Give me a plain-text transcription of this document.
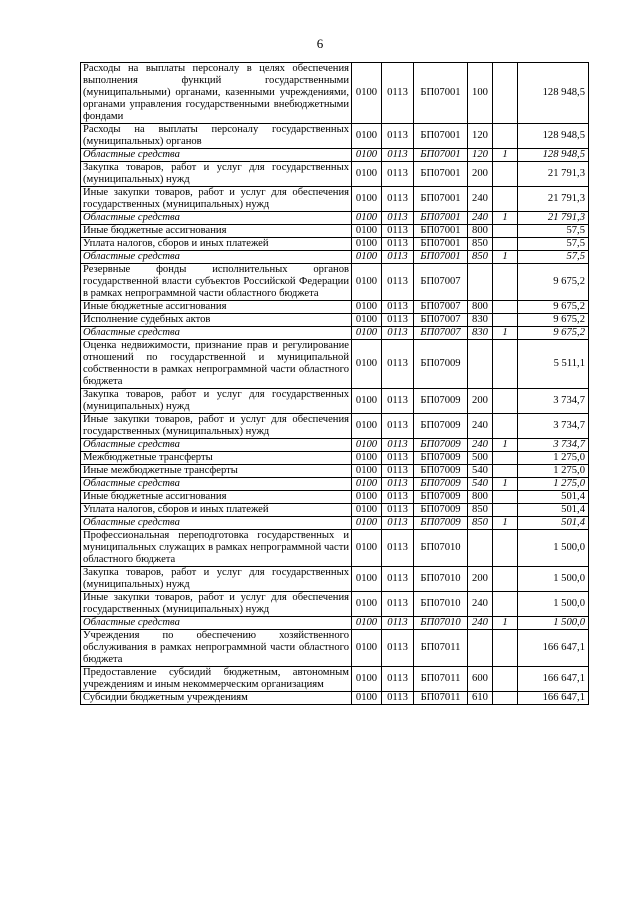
6
Расходы на выплаты персоналу в целях обеспечения выполнения функций государственными (муниципальными) органами, казенными учреждениями, органами управления государственными внебюджетными фондами	0100	0113	БП07001	100		128 948,5
Расходы на выплаты персоналу государственных (муниципальных) органов	0100	0113	БП07001	120		128 948,5
Областные средства	0100	0113	БП07001	120	1	128 948,5
Закупка товаров, работ и услуг для государственных (муниципальных) нужд	0100	0113	БП07001	200		21 791,3
Иные закупки товаров, работ и услуг для обеспечения государственных (муниципальных) нужд	0100	0113	БП07001	240		21 791,3
Областные средства	0100	0113	БП07001	240	1	21 791,3
Иные бюджетные ассигнования	0100	0113	БП07001	800		57,5
Уплата налогов, сборов и иных платежей	0100	0113	БП07001	850		57,5
Областные средства	0100	0113	БП07001	850	1	57,5
Резервные фонды исполнительных органов государственной власти субъектов Российской Федерации в рамках непрограммной части областного бюджета	0100	0113	БП07007			9 675,2
Иные бюджетные ассигнования	0100	0113	БП07007	800		9 675,2
Исполнение судебных актов	0100	0113	БП07007	830		9 675,2
Областные средства	0100	0113	БП07007	830	1	9 675,2
Оценка недвижимости, признание прав и регулирование отношений по государственной и муниципальной собственности в рамках непрограммной части областного бюджета	0100	0113	БП07009			5 511,1
Закупка товаров, работ и услуг для государственных (муниципальных) нужд	0100	0113	БП07009	200		3 734,7
Иные закупки товаров, работ и услуг для обеспечения государственных (муниципальных) нужд	0100	0113	БП07009	240		3 734,7
Областные средства	0100	0113	БП07009	240	1	3 734,7
Межбюджетные трансферты	0100	0113	БП07009	500		1 275,0
Иные межбюджетные трансферты	0100	0113	БП07009	540		1 275,0
Областные средства	0100	0113	БП07009	540	1	1 275,0
Иные бюджетные ассигнования	0100	0113	БП07009	800		501,4
Уплата налогов, сборов и иных платежей	0100	0113	БП07009	850		501,4
Областные средства	0100	0113	БП07009	850	1	501,4
Профессиональная переподготовка государственных и муниципальных служащих в рамках непрограммной части областного бюджета	0100	0113	БП07010			1 500,0
Закупка товаров, работ и услуг для государственных (муниципальных) нужд	0100	0113	БП07010	200		1 500,0
Иные закупки товаров, работ и услуг для обеспечения государственных (муниципальных) нужд	0100	0113	БП07010	240		1 500,0
Областные средства	0100	0113	БП07010	240	1	1 500,0
Учреждения по обеспечению хозяйственного обслуживания в рамках непрограммной части областного бюджета	0100	0113	БП07011			166 647,1
Предоставление субсидий бюджетным, автономным учреждениям и иным некоммерческим организациям	0100	0113	БП07011	600		166 647,1
Субсидии бюджетным учреждениям	0100	0113	БП07011	610		166 647,1
